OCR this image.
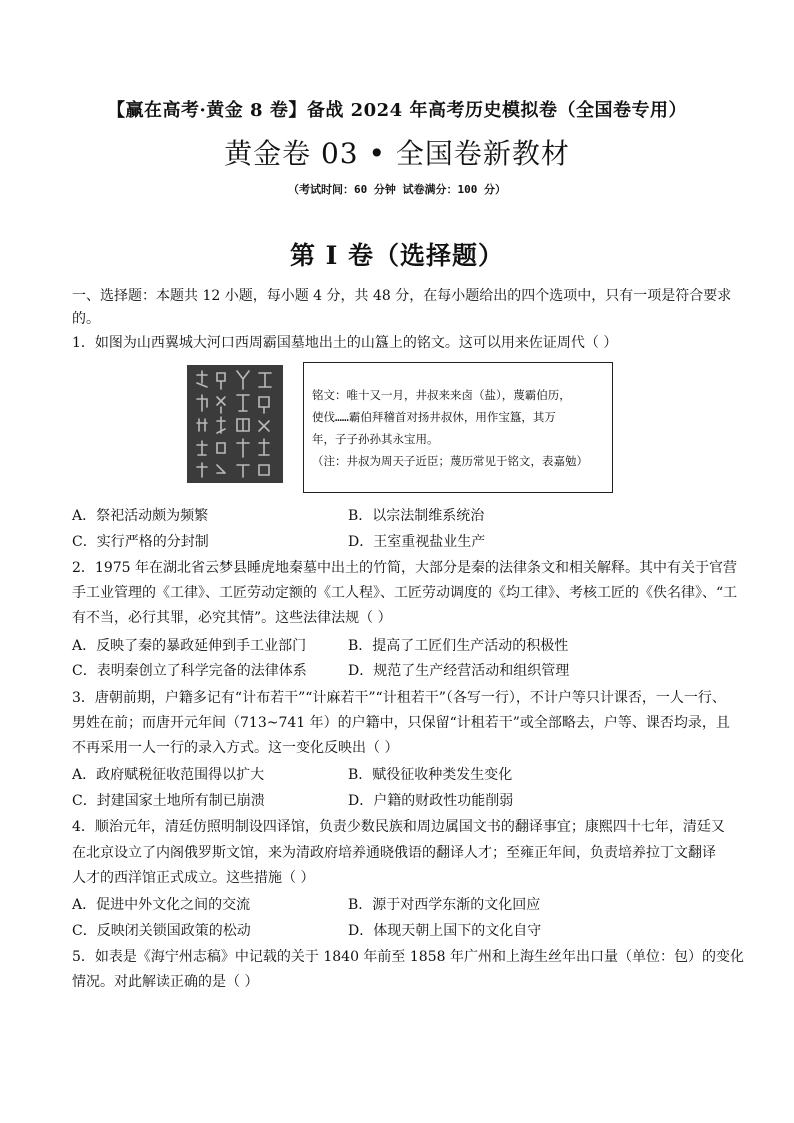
【赢在高考·黄金 8 卷】备战 2024 年高考历史模拟卷（全国卷专用）
黄金卷 03 • 全国卷新教材
（考试时间：60 分钟 试卷满分：100 分）
第 I 卷（选择题）
一、选择题：本题共 12 小题，每小题 4 分，共 48 分，在每小题给出的四个选项中，只有一项是符合要求
的。
1．如图为山西翼城大河口西周霸国墓地出土的山簋上的铭文。这可以用来佐证周代（ ）
铭文：唯十又一月，井叔来来卤（盐），蔑霸伯历，
使伐……霸伯拜稽首对扬井叔休，用作宝簋，其万
年，子子孙孙其永宝用。
（注：井叔为周天子近臣；蔑历常见于铭文，表嘉勉）
A．祭祀活动颇为频繁	B．以宗法制维系统治
C．实行严格的分封制	D．王室重视盐业生产
2．1975 年在湖北省云梦县睡虎地秦墓中出土的竹简，大部分是秦的法律条文和相关解释。其中有关于官营
手工业管理的《工律》、工匠劳动定额的《工人程》、工匠劳动调度的《均工律》、考核工匠的《佚名律》、“工
有不当，必行其罪，必究其情”。这些法律法规（ ）
A．反映了秦的暴政延伸到手工业部门	B．提高了工匠们生产活动的积极性
C．表明秦创立了科学完备的法律体系	D．规范了生产经营活动和组织管理
3．唐朝前期，户籍多记有“计布若干”“计麻若干”“计租若干”（各写一行），不计户等只计课否，一人一行、
男姓在前；而唐开元年间（713~741 年）的户籍中，只保留“计租若干”或全部略去，户等、课否均录，且
不再采用一人一行的录入方式。这一变化反映出（ ）
A．政府赋税征收范围得以扩大	B．赋役征收种类发生变化
C．封建国家土地所有制已崩溃	D．户籍的财政性功能削弱
4．顺治元年，清廷仿照明制设四译馆，负责少数民族和周边属国文书的翻译事宜；康熙四十七年，清廷又
在北京设立了内阁俄罗斯文馆，来为清政府培养通晓俄语的翻译人才；至雍正年间，负责培养拉丁文翻译
人才的西洋馆正式成立。这些措施（ ）
A．促进中外文化之间的交流	B．源于对西学东渐的文化回应
C．反映闭关锁国政策的松动	D．体现天朝上国下的文化自守
5．如表是《海宁州志稿》中记载的关于 1840 年前至 1858 年广州和上海生丝年出口量（单位：包）的变化
情况。对此解读正确的是（ ）
